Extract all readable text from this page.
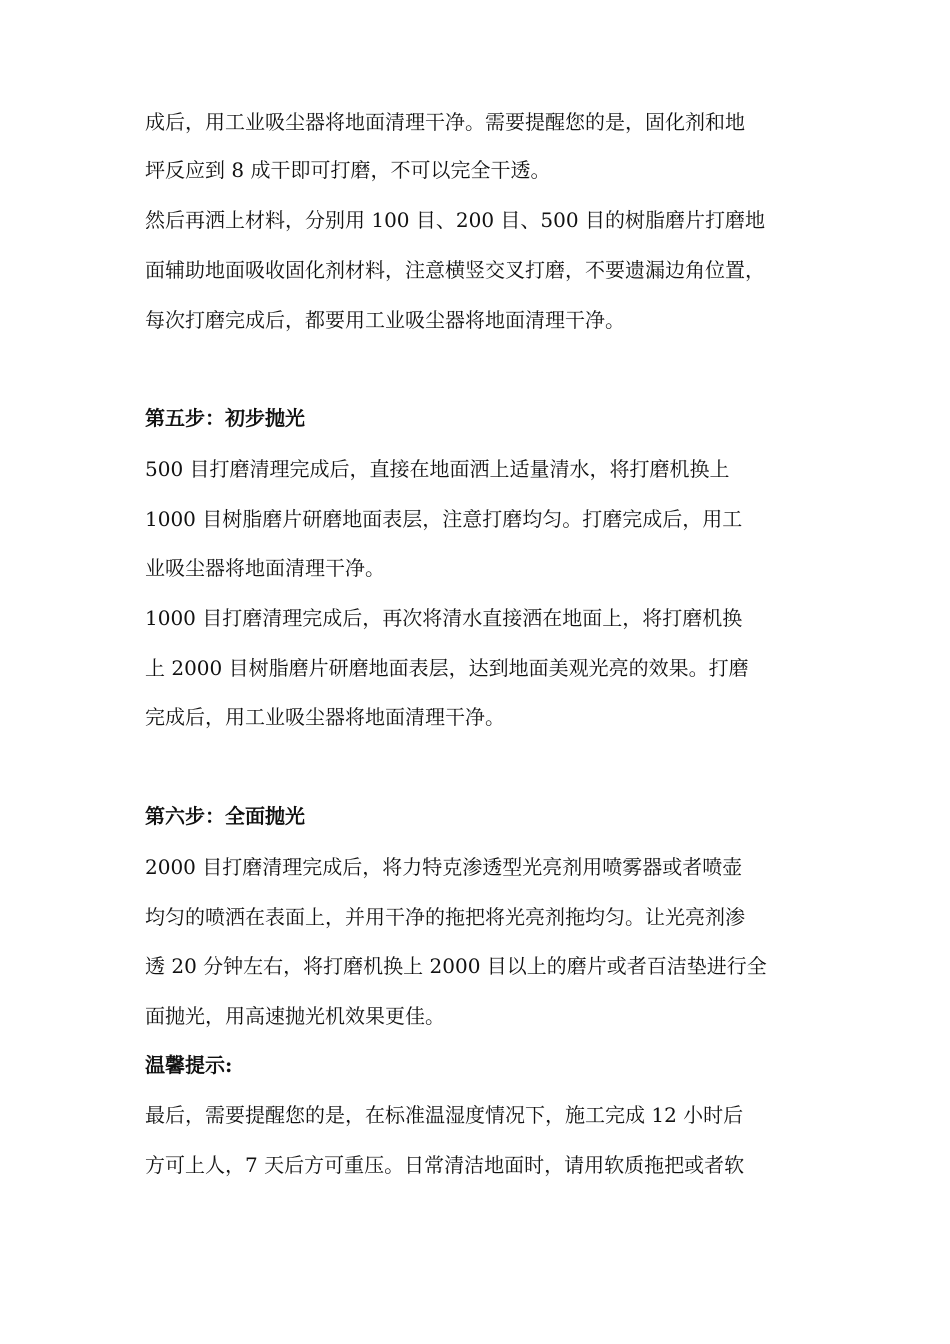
成后，用工业吸尘器将地面清理干净。需要提醒您的是，固化剂和地
坪反应到 8 成干即可打磨，不可以完全干透。
然后再洒上材料，分别用 100 目、200 目、500 目的树脂磨片打磨地
面辅助地面吸收固化剂材料，注意横竖交叉打磨，不要遗漏边角位置，
每次打磨完成后，都要用工业吸尘器将地面清理干净。
第五步：初步抛光
500 目打磨清理完成后，直接在地面洒上适量清水，将打磨机换上
1000 目树脂磨片研磨地面表层，注意打磨均匀。打磨完成后，用工
业吸尘器将地面清理干净。
1000 目打磨清理完成后，再次将清水直接洒在地面上，将打磨机换
上 2000 目树脂磨片研磨地面表层，达到地面美观光亮的效果。打磨
完成后，用工业吸尘器将地面清理干净。
第六步：全面抛光
2000 目打磨清理完成后，将力特克渗透型光亮剂用喷雾器或者喷壶
均匀的喷洒在表面上，并用干净的拖把将光亮剂拖均匀。让光亮剂渗
透 20 分钟左右，将打磨机换上 2000 目以上的磨片或者百洁垫进行全
面抛光，用高速抛光机效果更佳。
温馨提示:
最后，需要提醒您的是，在标准温湿度情况下，施工完成 12 小时后
方可上人，7 天后方可重压。日常清洁地面时，请用软质拖把或者软
